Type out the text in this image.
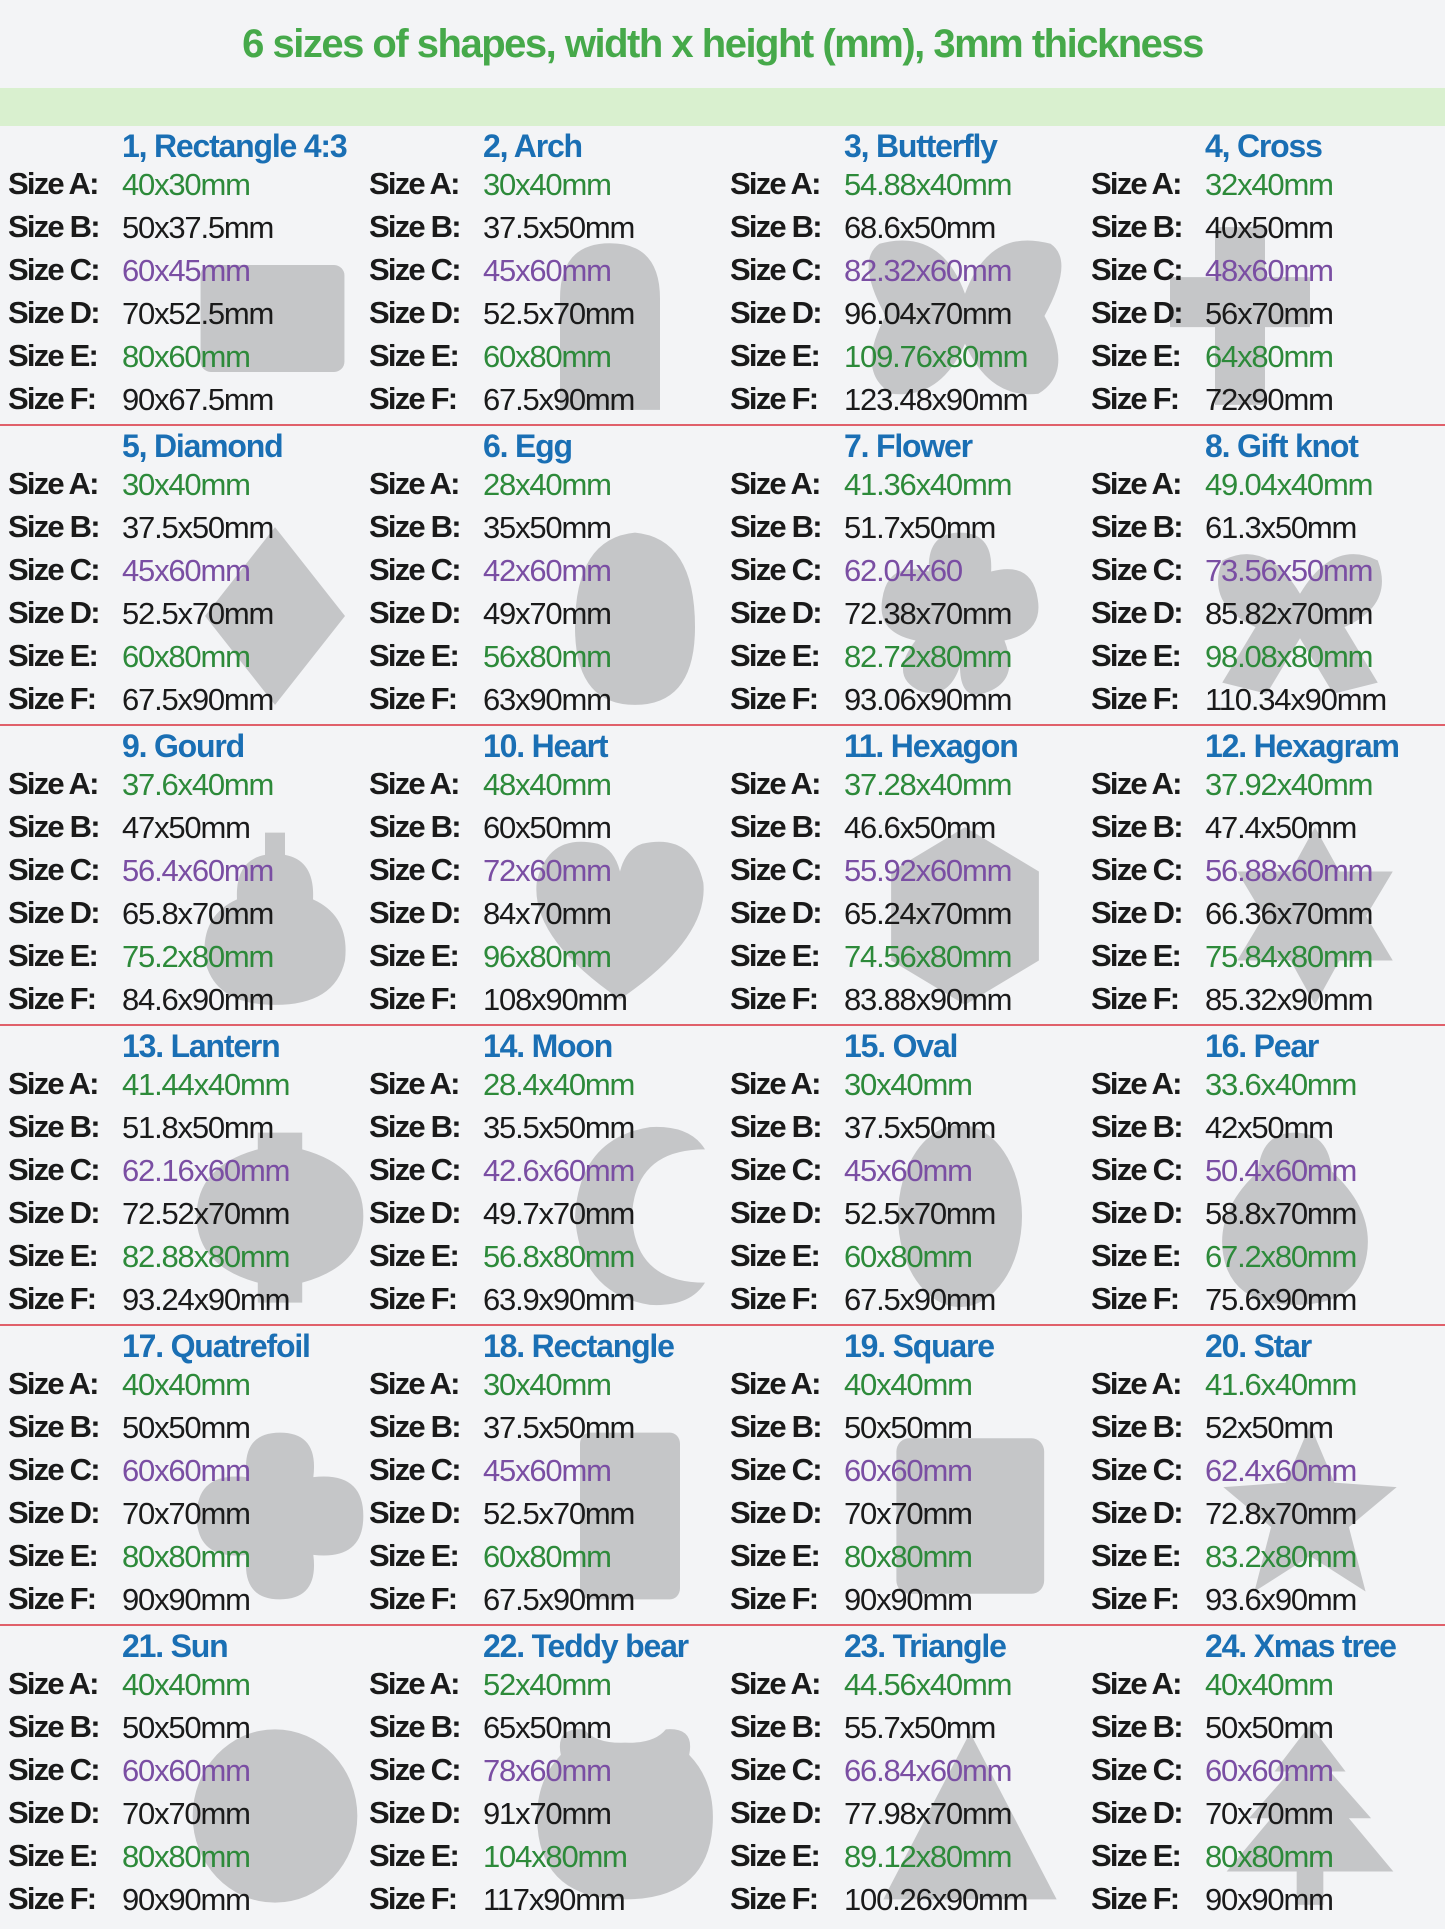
6 sizes of shapes, width x height (mm), 3mm thickness
1, Rectangle 4:3
Size A: 40x30mm
Size B: 50x37.5mm
Size C: 60x45mm
Size D: 70x52.5mm
Size E: 80x60mm
Size F: 90x67.5mm
2, Arch
Size A: 30x40mm
Size B: 37.5x50mm
Size C: 45x60mm
Size D: 52.5x70mm
Size E: 60x80mm
Size F: 67.5x90mm
3, Butterfly
Size A: 54.88x40mm
Size B: 68.6x50mm
Size C: 82.32x60mm
Size D: 96.04x70mm
Size E: 109.76x80mm
Size F: 123.48x90mm
4, Cross
Size A: 32x40mm
Size B: 40x50mm
Size C: 48x60mm
Size D: 56x70mm
Size E: 64x80mm
Size F: 72x90mm
5, Diamond
Size A: 30x40mm
Size B: 37.5x50mm
Size C: 45x60mm
Size D: 52.5x70mm
Size E: 60x80mm
Size F: 67.5x90mm
6. Egg
Size A: 28x40mm
Size B: 35x50mm
Size C: 42x60mm
Size D: 49x70mm
Size E: 56x80mm
Size F: 63x90mm
7. Flower
Size A: 41.36x40mm
Size B: 51.7x50mm
Size C: 62.04x60
Size D: 72.38x70mm
Size E: 82.72x80mm
Size F: 93.06x90mm
8. Gift knot
Size A: 49.04x40mm
Size B: 61.3x50mm
Size C: 73.56x50mm
Size D: 85.82x70mm
Size E: 98.08x80mm
Size F: 110.34x90mm
9. Gourd
Size A: 37.6x40mm
Size B: 47x50mm
Size C: 56.4x60mm
Size D: 65.8x70mm
Size E: 75.2x80mm
Size F: 84.6x90mm
10. Heart
Size A: 48x40mm
Size B: 60x50mm
Size C: 72x60mm
Size D: 84x70mm
Size E: 96x80mm
Size F: 108x90mm
11. Hexagon
Size A: 37.28x40mm
Size B: 46.6x50mm
Size C: 55.92x60mm
Size D: 65.24x70mm
Size E: 74.56x80mm
Size F: 83.88x90mm
12. Hexagram
Size A: 37.92x40mm
Size B: 47.4x50mm
Size C: 56.88x60mm
Size D: 66.36x70mm
Size E: 75.84x80mm
Size F: 85.32x90mm
13. Lantern
Size A: 41.44x40mm
Size B: 51.8x50mm
Size C: 62.16x60mm
Size D: 72.52x70mm
Size E: 82.88x80mm
Size F: 93.24x90mm
14. Moon
Size A: 28.4x40mm
Size B: 35.5x50mm
Size C: 42.6x60mm
Size D: 49.7x70mm
Size E: 56.8x80mm
Size F: 63.9x90mm
15. Oval
Size A: 30x40mm
Size B: 37.5x50mm
Size C: 45x60mm
Size D: 52.5x70mm
Size E: 60x80mm
Size F: 67.5x90mm
16. Pear
Size A: 33.6x40mm
Size B: 42x50mm
Size C: 50.4x60mm
Size D: 58.8x70mm
Size E: 67.2x80mm
Size F: 75.6x90mm
17. Quatrefoil
Size A: 40x40mm
Size B: 50x50mm
Size C: 60x60mm
Size D: 70x70mm
Size E: 80x80mm
Size F: 90x90mm
18. Rectangle
Size A: 30x40mm
Size B: 37.5x50mm
Size C: 45x60mm
Size D: 52.5x70mm
Size E: 60x80mm
Size F: 67.5x90mm
19. Square
Size A: 40x40mm
Size B: 50x50mm
Size C: 60x60mm
Size D: 70x70mm
Size E: 80x80mm
Size F: 90x90mm
20. Star
Size A: 41.6x40mm
Size B: 52x50mm
Size C: 62.4x60mm
Size D: 72.8x70mm
Size E: 83.2x80mm
Size F: 93.6x90mm
21. Sun
Size A: 40x40mm
Size B: 50x50mm
Size C: 60x60mm
Size D: 70x70mm
Size E: 80x80mm
Size F: 90x90mm
22. Teddy bear
Size A: 52x40mm
Size B: 65x50mm
Size C: 78x60mm
Size D: 91x70mm
Size E: 104x80mm
Size F: 117x90mm
23. Triangle
Size A: 44.56x40mm
Size B: 55.7x50mm
Size C: 66.84x60mm
Size D: 77.98x70mm
Size E: 89.12x80mm
Size F: 100.26x90mm
24. Xmas tree
Size A: 40x40mm
Size B: 50x50mm
Size C: 60x60mm
Size D: 70x70mm
Size E: 80x80mm
Size F: 90x90mm
